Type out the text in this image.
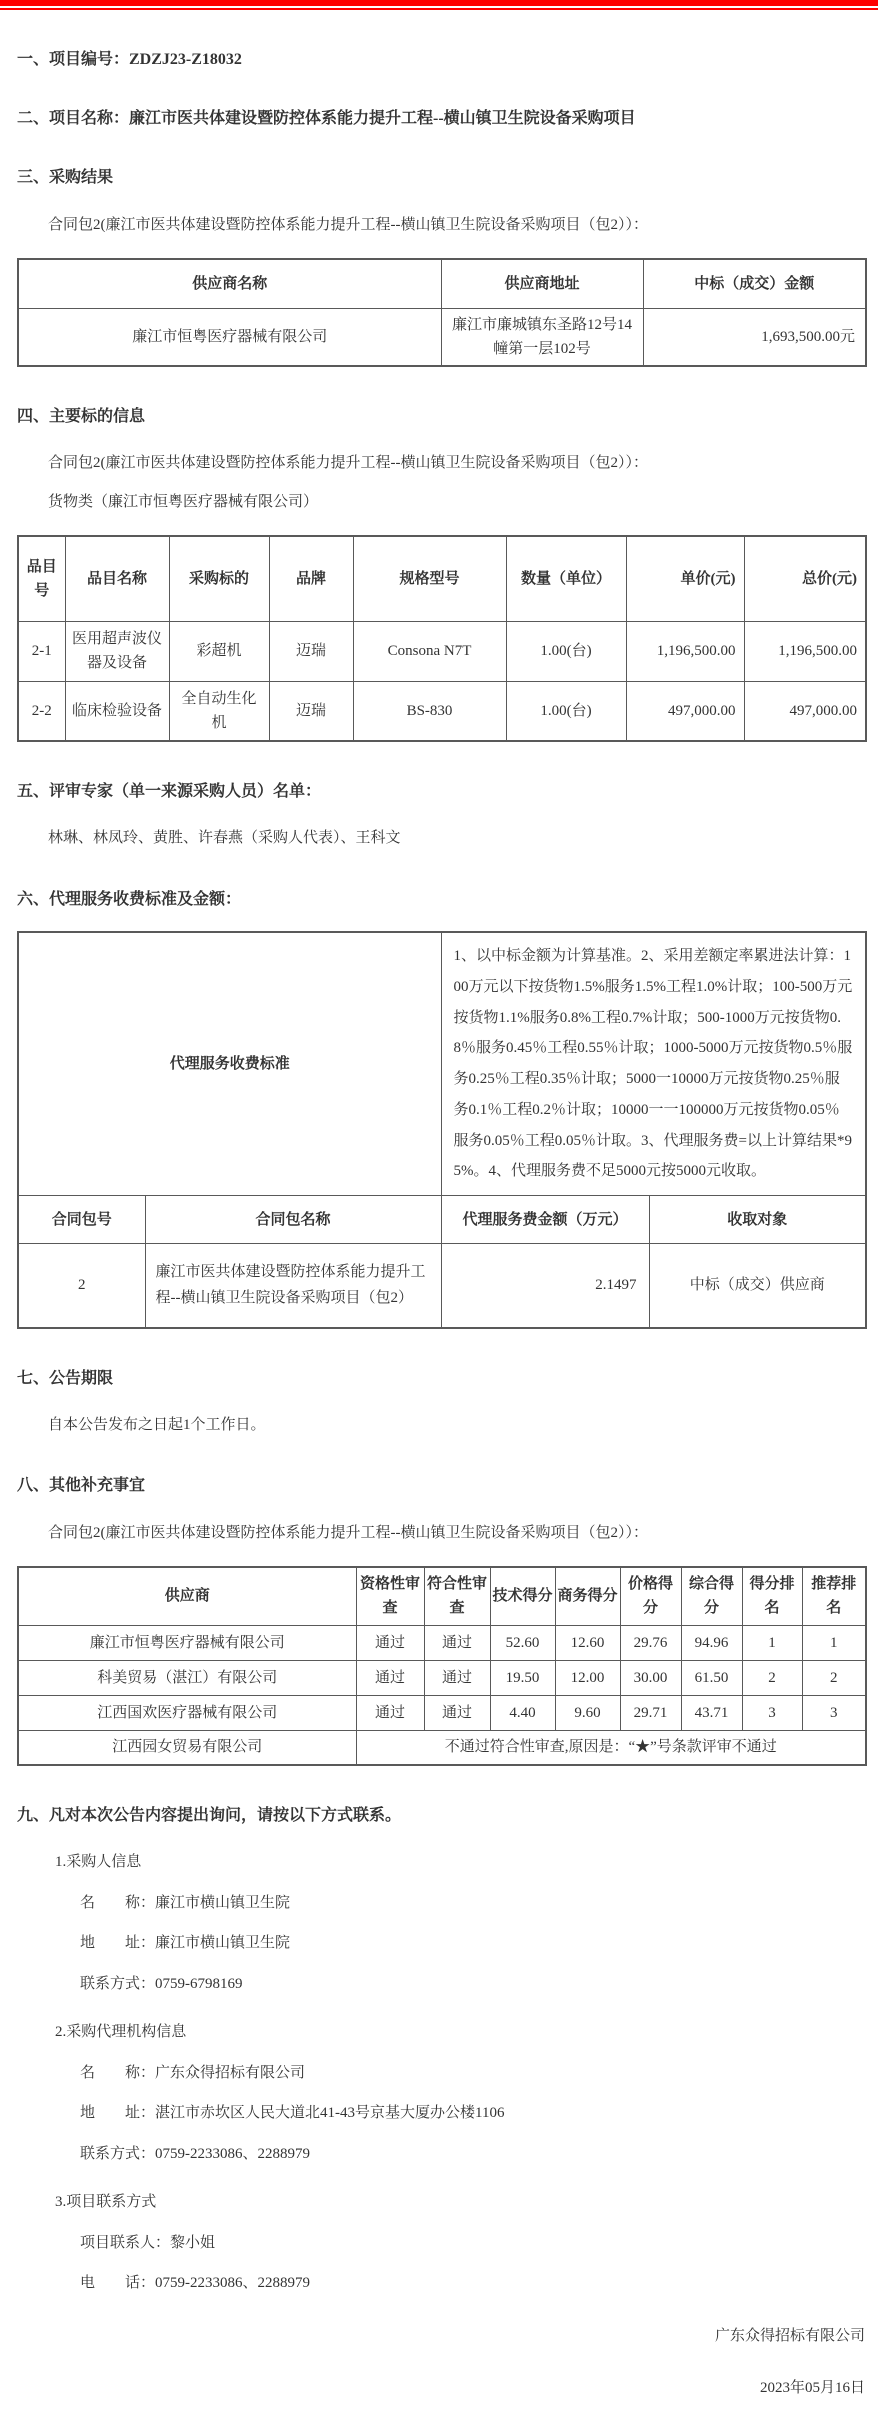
一、项目编号：ZDZJ23-Z18032
二、项目名称：廉江市医共体建设暨防控体系能力提升工程--横山镇卫生院设备采购项目
三、采购结果
合同包2(廉江市医共体建设暨防控体系能力提升工程--横山镇卫生院设备采购项目（包2））：
供应商名称	供应商地址	中标（成交）金额
廉江市恒粤医疗器械有限公司	廉江市廉城镇东圣路12号14幢第一层102号	1,693,500.00元
四、主要标的信息
合同包2(廉江市医共体建设暨防控体系能力提升工程--横山镇卫生院设备采购项目（包2））：
货物类（廉江市恒粤医疗器械有限公司）
品目号	品目名称	采购标的	品牌	规格型号	数量（单位）	单价(元)	总价(元)
2-1	医用超声波仪器及设备	彩超机	迈瑞	Consona N7T	1.00(台)	1,196,500.00	1,196,500.00
2-2	临床检验设备	全自动生化机	迈瑞	BS-830	1.00(台)	497,000.00	497,000.00
五、评审专家（单一来源采购人员）名单：
林琳、林凤玲、黄胜、许春燕（采购人代表）、王科文
六、代理服务收费标准及金额：
代理服务收费标准		1、以中标金额为计算基准。2、采用差额定率累进法计算：100万元以下按货物1.5%服务1.5%工程1.0%计取；100-500万元按货物1.1%服务0.8%工程0.7%计取；500-1000万元按货物0.8％服务0.45％工程0.55％计取；1000-5000万元按货物0.5％服务0.25％工程0.35％计取；5000一10000万元按货物0.25％服务0.1％工程0.2％计取；10000一一100000万元按货物0.05％服务0.05％工程0.05％计取。3、代理服务费=以上计算结果*95%。4、代理服务费不足5000元按5000元收取。	
合同包号	合同包名称	代理服务费金额（万元）	收取对象
2	廉江市医共体建设暨防控体系能力提升工程--横山镇卫生院设备采购项目（包2）	2.1497	中标（成交）供应商
七、公告期限
自本公告发布之日起1个工作日。
八、其他补充事宜
合同包2(廉江市医共体建设暨防控体系能力提升工程--横山镇卫生院设备采购项目（包2））：
供应商	资格性审查	符合性审查	技术得分	商务得分	价格得分	综合得分	得分排名	推荐排名
廉江市恒粤医疗器械有限公司	通过	通过	52.60	12.60	29.76	94.96	1	1
科美贸易（湛江）有限公司	通过	通过	19.50	12.00	30.00	61.50	2	2
江西国欢医疗器械有限公司	通过	通过	4.40	9.60	29.71	43.71	3	3
江西园女贸易有限公司	不通过符合性审查,原因是：“★”号条款评审不通过							
九、凡对本次公告内容提出询问，请按以下方式联系。
1.采购人信息
名　　称：廉江市横山镇卫生院
地　　址：廉江市横山镇卫生院
联系方式：0759-6798169
2.采购代理机构信息
名　　称：广东众得招标有限公司
地　　址：湛江市赤坎区人民大道北41-43号京基大厦办公楼1106
联系方式：0759-2233086、2288979
3.项目联系方式
项目联系人：黎小姐
电　　话：0759-2233086、2288979
广东众得招标有限公司
2023年05月16日
